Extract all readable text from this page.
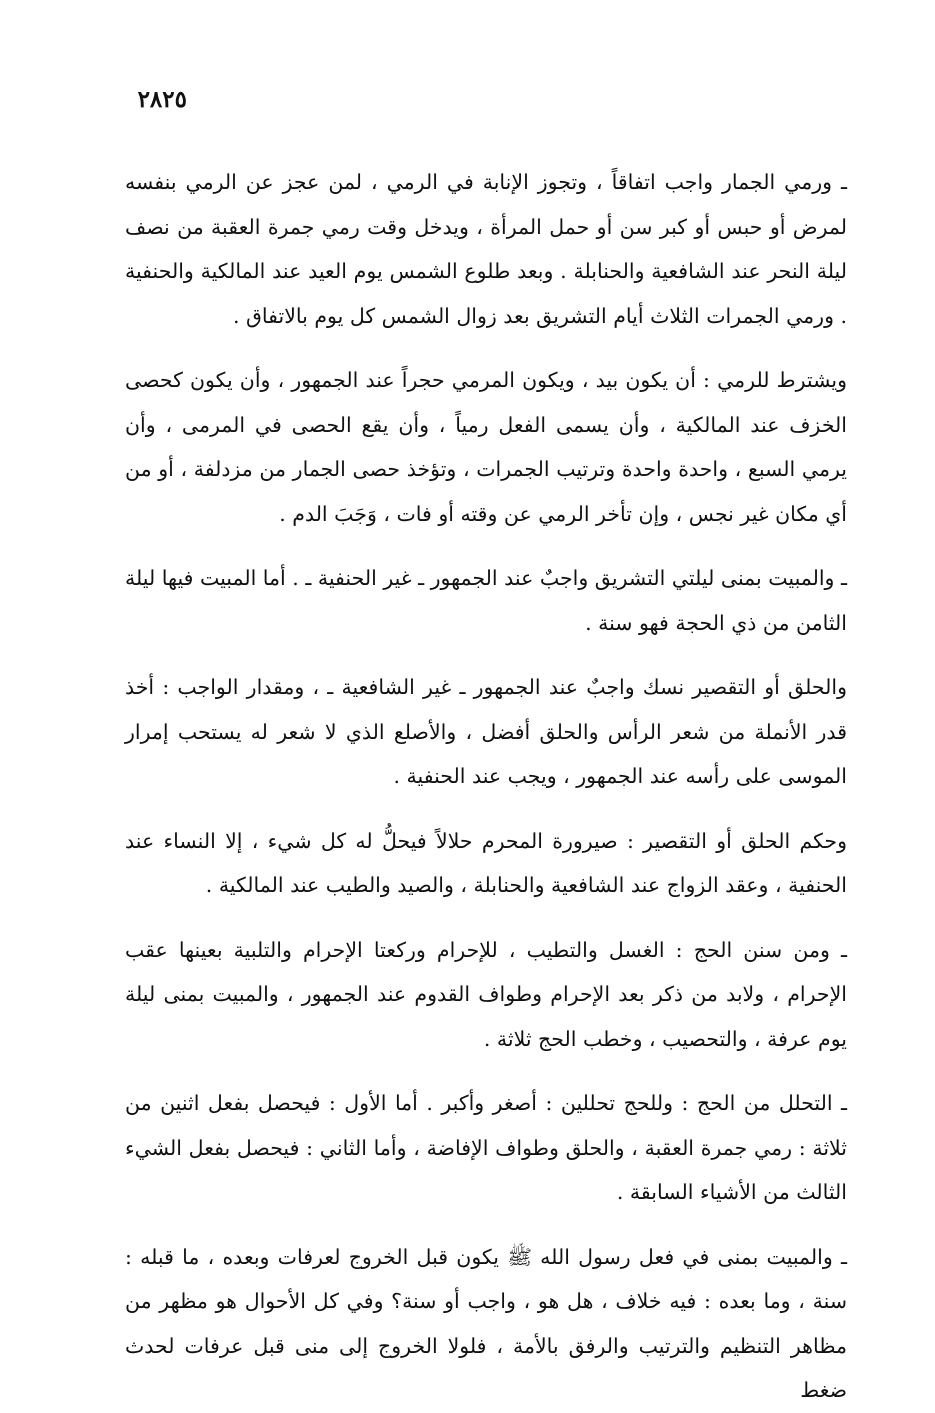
٢٨٢٥

ـ ورمي الجمار واجب اتفاقاً ، وتجوز الإنابة في الرمي ، لمن عجز عن الرمي بنفسه لمرض أو حبس أو كبر سن أو حمل المرأة ، ويدخل وقت رمي جمرة العقبة من نصف ليلة النحر عند الشافعية والحنابلة . وبعد طلوع الشمس يوم العيد عند المالكية والحنفية . ورمي الجمرات الثلاث أيام التشريق بعد زوال الشمس كل يوم بالاتفاق .

ويشترط للرمي : أن يكون بيد ، ويكون المرمي حجراً عند الجمهور ، وأن يكون كحصى الخزف عند المالكية ، وأن يسمى الفعل رمياً ، وأن يقع الحصى في المرمى ، وأن يرمي السبع ، واحدة واحدة وترتيب الجمرات ، وتؤخذ حصى الجمار من مزدلفة ، أو من أي مكان غير نجس ، وإن تأخر الرمي عن وقته أو فات ، وَجَبَ الدم .

ـ والمبيت بمنى ليلتي التشريق واجبٌ عند الجمهور ـ غير الحنفية ـ . أما المبيت فيها ليلة الثامن من ذي الحجة فهو سنة .

والحلق أو التقصير نسك واجبٌ عند الجمهور ـ غير الشافعية ـ ، ومقدار الواجب : أخذ قدر الأنملة من شعر الرأس والحلق أفضل ، والأصلع الذي لا شعر له يستحب إمرار الموسى على رأسه عند الجمهور ، ويجب عند الحنفية .

وحكم الحلق أو التقصير : صيرورة المحرم حلالاً فيحلُّ له كل شيء ، إلا النساء عند الحنفية ، وعقد الزواج عند الشافعية والحنابلة ، والصيد والطيب عند المالكية .

ـ ومن سنن الحج : الغسل والتطيب ، للإحرام وركعتا الإحرام والتلبية بعينها عقب الإحرام ، ولابد من ذكر بعد الإحرام وطواف القدوم عند الجمهور ، والمبيت بمنى ليلة يوم عرفة ، والتحصيب ، وخطب الحج ثلاثة .

ـ التحلل من الحج : وللحج تحللين : أصغر وأكبر . أما الأول : فيحصل بفعل اثنين من ثلاثة : رمي جمرة العقبة ، والحلق وطواف الإفاضة ، وأما الثاني : فيحصل بفعل الشيء الثالث من الأشياء السابقة .

ـ والمبيت بمنى في فعل رسول الله ﷺ يكون قبل الخروج لعرفات وبعده ، ما قبله : سنة ، وما بعده : فيه خلاف ، هل هو ، واجب أو سنة؟ وفي كل الأحوال هو مظهر من مظاهر التنظيم والترتيب والرفق بالأمة ، فلولا الخروج إلى منى قبل عرفات لحدث ضغط
